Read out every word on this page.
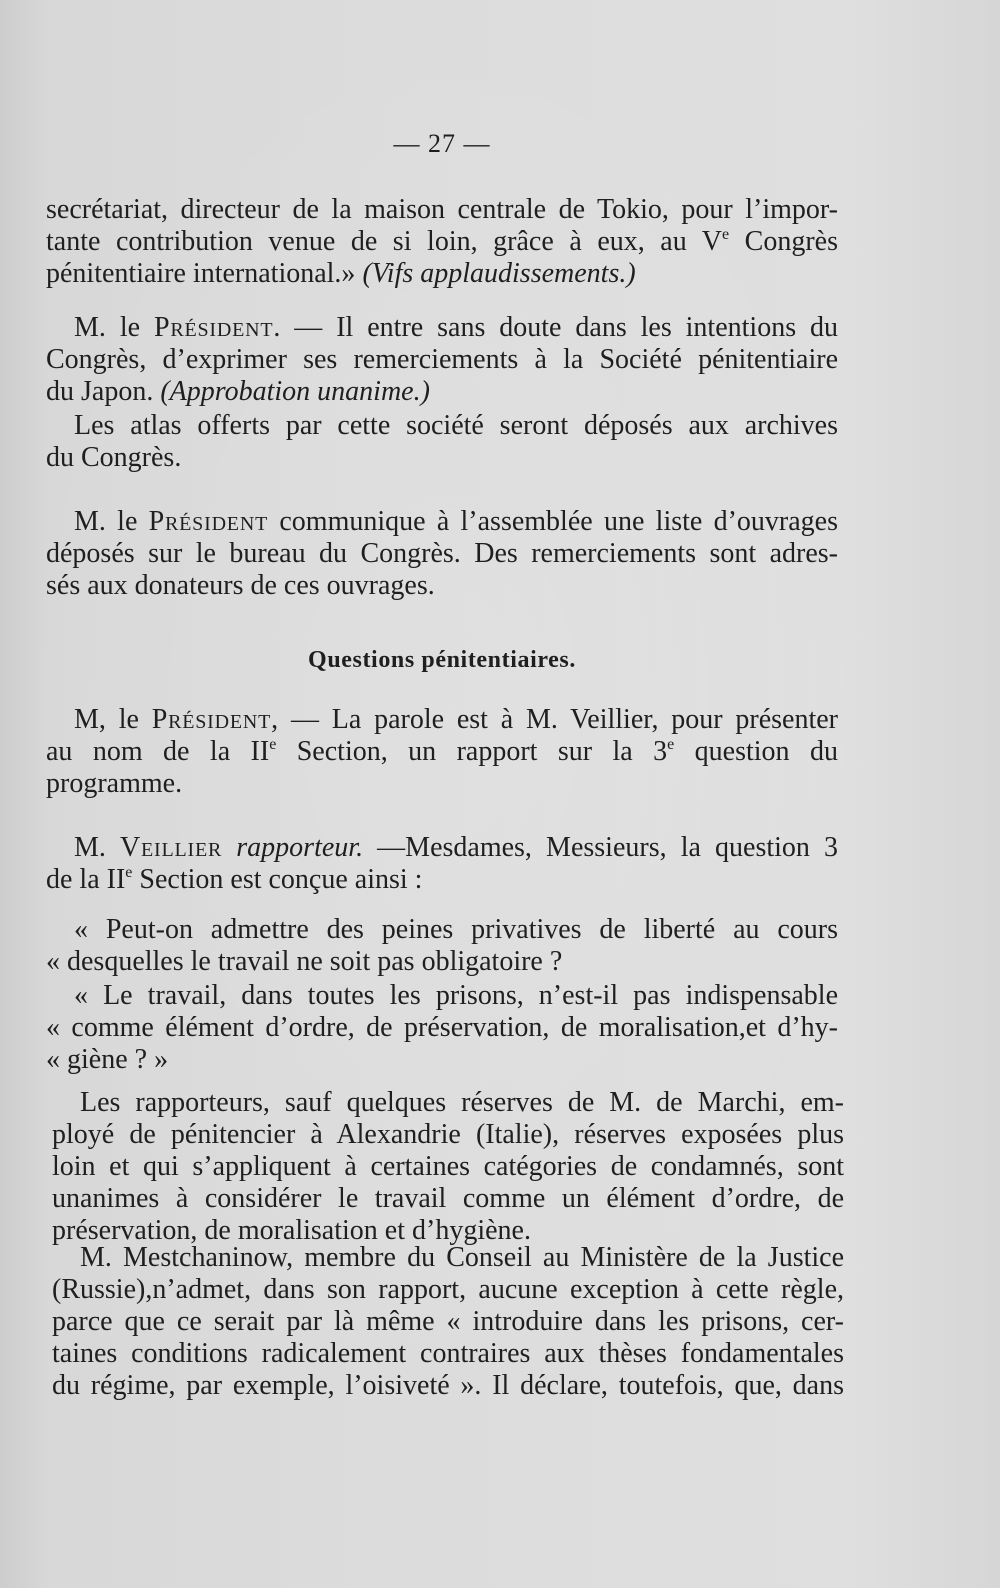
— 27 —
secrétariat, directeur de la maison centrale de Tokio, pour l’impor-
tante contribution venue de si loin, grâce à eux, au Ve Congrès
pénitentiaire international.» (Vifs applaudissements.)
M. le Président. — Il entre sans doute dans les intentions du
Congrès, d’exprimer ses remerciements à la Société pénitentiaire
du Japon. (Approbation unanime.)
Les atlas offerts par cette société seront déposés aux archives
du Congrès.
M. le Président communique à l’assemblée une liste d’ouvrages
déposés sur le bureau du Congrès. Des remerciements sont adres-
sés aux donateurs de ces ouvrages.
Questions pénitentiaires.
M, le Président, — La parole est à M. Veillier, pour présenter
au nom de la IIe Section, un rapport sur la 3e question du
programme.
M. Veillier rapporteur. —Mesdames, Messieurs, la question 3
de la IIe Section est conçue ainsi :
« Peut-on admettre des peines privatives de liberté au cours
« desquelles le travail ne soit pas obligatoire ?
« Le travail, dans toutes les prisons, n’est-il pas indispensable
« comme élément d’ordre, de préservation, de moralisation,et d’hy-
« giène ? »
Les rapporteurs, sauf quelques réserves de M. de Marchi, em-
ployé de pénitencier à Alexandrie (Italie), réserves exposées plus
loin et qui s’appliquent à certaines catégories de condamnés, sont
unanimes à considérer le travail comme un élément d’ordre, de
préservation, de moralisation et d’hygiène.
M. Mestchaninow, membre du Conseil au Ministère de la Justice
(Russie),n’admet, dans son rapport, aucune exception à cette règle,
parce que ce serait par là même « introduire dans les prisons, cer-
taines conditions radicalement contraires aux thèses fondamentales
du régime, par exemple, l’oisiveté ». Il déclare, toutefois, que, dans
